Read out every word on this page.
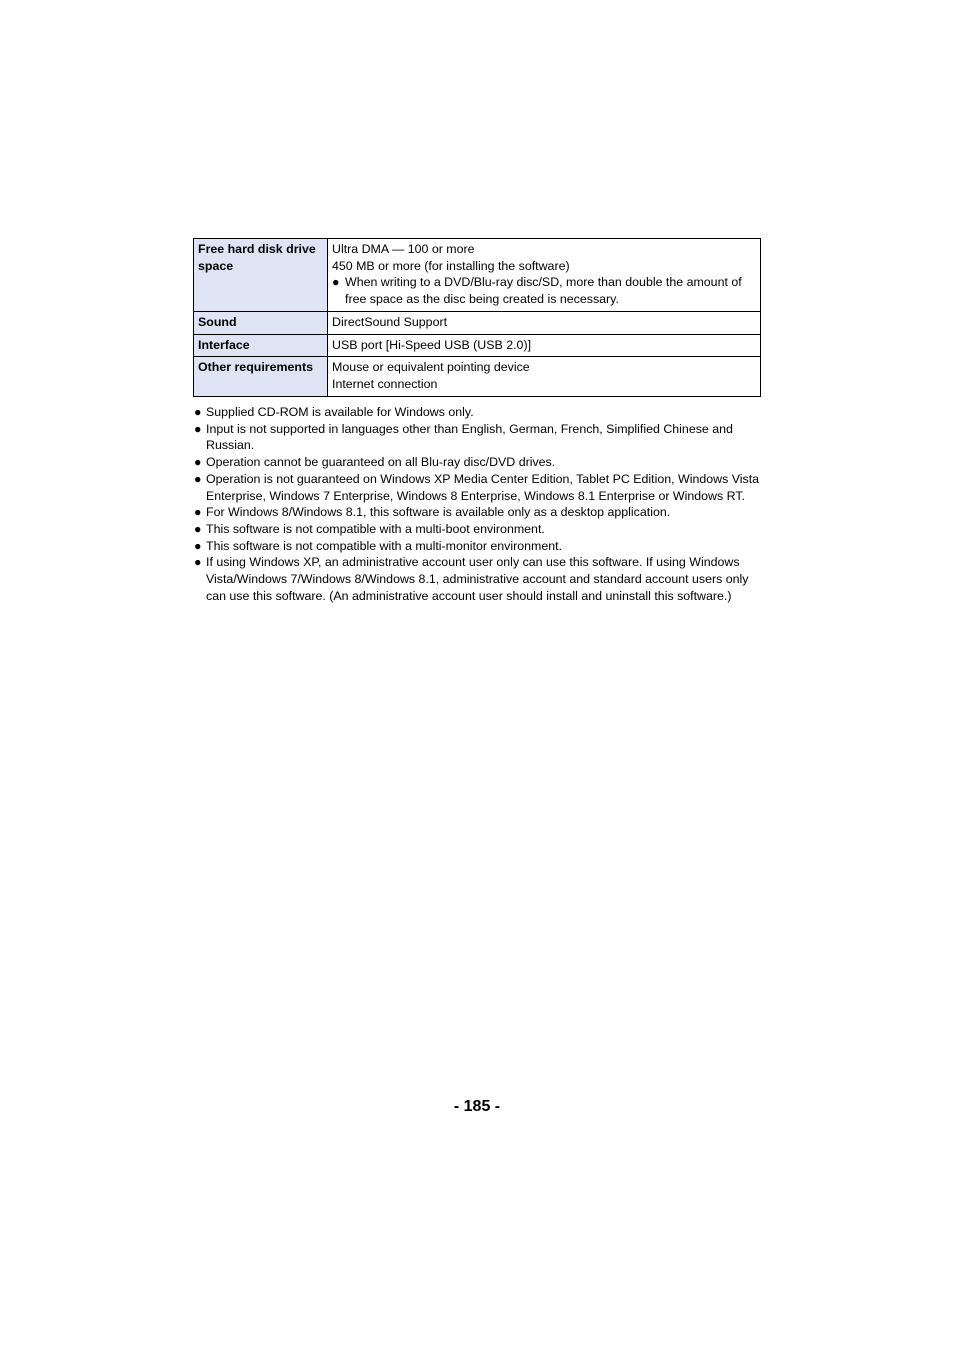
Free hard disk drive space	Ultra DMA — 100 or more
450 MB or more (for installing the software)
● When writing to a DVD/Blu-ray disc/SD, more than double the amount of free space as the disc being created is necessary.

Sound	DirectSound Support

Interface	USB port [Hi-Speed USB (USB 2.0)]

Other requirements	Mouse or equivalent pointing device
Internet connection
● Supplied CD-ROM is available for Windows only.
● Input is not supported in languages other than English, German, French, Simplified Chinese and Russian.
● Operation cannot be guaranteed on all Blu-ray disc/DVD drives.
● Operation is not guaranteed on Windows XP Media Center Edition, Tablet PC Edition, Windows Vista Enterprise, Windows 7 Enterprise, Windows 8 Enterprise, Windows 8.1 Enterprise or Windows RT.
● For Windows 8/Windows 8.1, this software is available only as a desktop application.
● This software is not compatible with a multi-boot environment.
● This software is not compatible with a multi-monitor environment.
● If using Windows XP, an administrative account user only can use this software. If using Windows Vista/Windows 7/Windows 8/Windows 8.1, administrative account and standard account users only can use this software. (An administrative account user should install and uninstall this software.)
- 185 -
